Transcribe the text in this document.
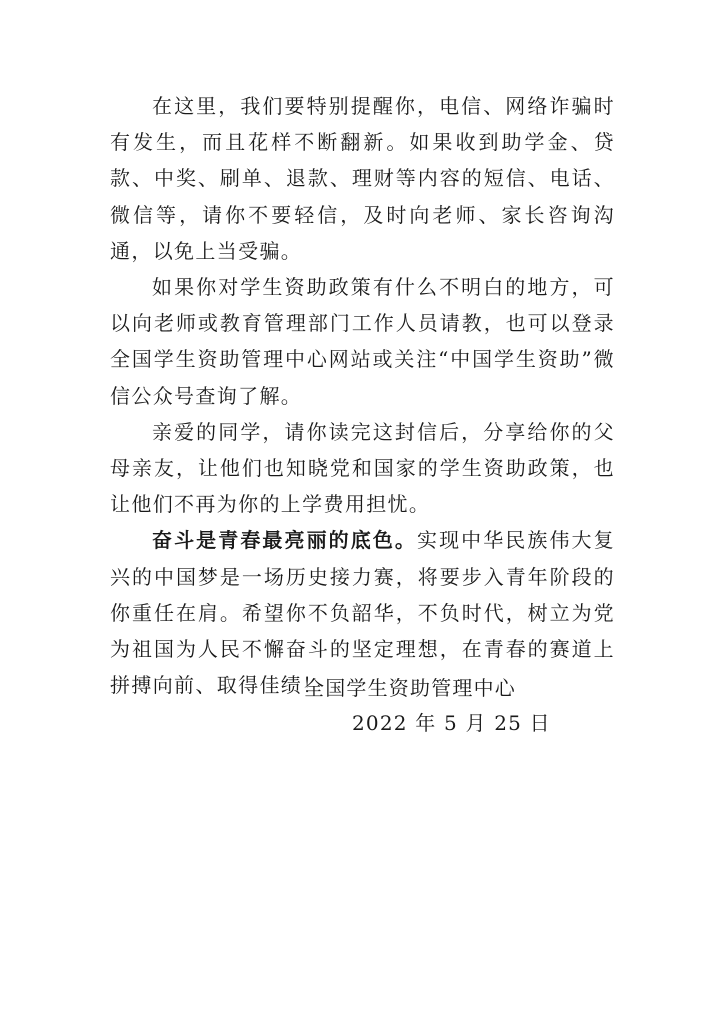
在这里，我们要特别提醒你，电信、网络诈骗时有发生，而且花样不断翻新。如果收到助学金、贷款、中奖、刷单、退款、理财等内容的短信、电话、微信等，请你不要轻信，及时向老师、家长咨询沟通，以免上当受骗。

如果你对学生资助政策有什么不明白的地方，可以向老师或教育管理部门工作人员请教，也可以登录全国学生资助管理中心网站或关注“中国学生资助”微信公众号查询了解。

亲爱的同学，请你读完这封信后，分享给你的父母亲友，让他们也知晓党和国家的学生资助政策，也让他们不再为你的上学费用担忧。

奋斗是青春最亮丽的底色。实现中华民族伟大复兴的中国梦是一场历史接力赛，将要步入青年阶段的你重任在肩。希望你不负韶华，不负时代，树立为党为祖国为人民不懈奋斗的坚定理想，在青春的赛道上拼搏向前、取得佳绩！

全国学生资助管理中心
2022 年 5 月 25 日
